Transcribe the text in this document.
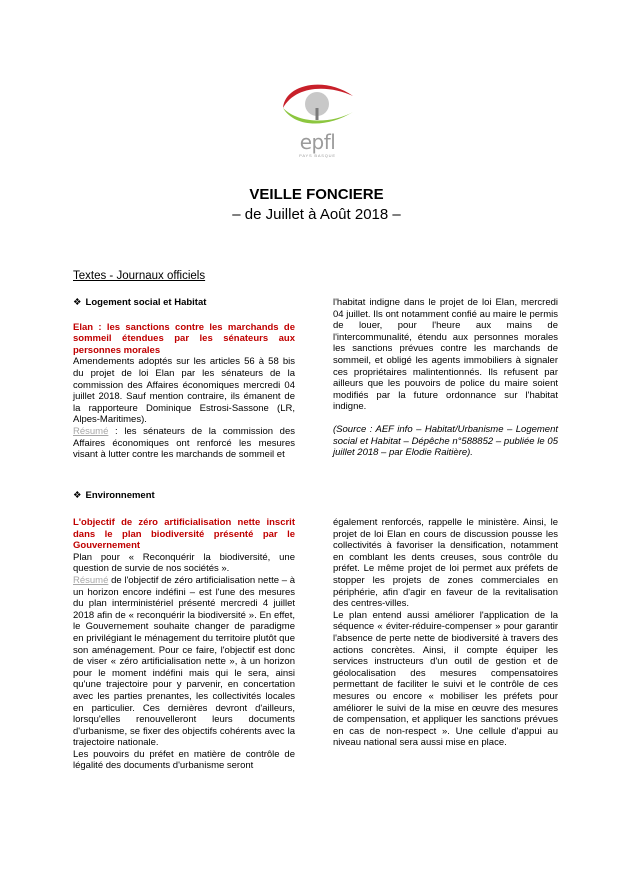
epfl
PAYS BASQUE
VEILLE FONCIERE
– de Juillet à Août 2018 –
Textes - Journaux officiels

❖ Logement social et Habitat

Elan : les sanctions contre les marchands de sommeil étendues par les sénateurs aux personnes morales

Amendements adoptés sur les articles 56 à 58 bis du projet de loi Elan par les sénateurs de la commission des Affaires économiques mercredi 04 juillet 2018. Sauf mention contraire, ils émanent de la rapporteure Dominique Estrosi-Sassone (LR, Alpes-Maritimes).

Résumé : les sénateurs de la commission des Affaires économiques ont renforcé les mesures visant à lutter contre les marchands de sommeil et

l'habitat indigne dans le projet de loi Elan, mercredi 04 juillet. Ils ont notamment confié au maire le permis de louer, pour l'heure aux mains de l'intercommunalité, étendu aux personnes morales les sanctions prévues contre les marchands de sommeil, et obligé les agents immobiliers à signaler ces propriétaires malintentionnés. Ils refusent par ailleurs que les pouvoirs de police du maire soient modifiés par la future ordonnance sur l'habitat indigne.

(Source : AEF info – Habitat/Urbanisme – Logement social et Habitat – Dépêche n°588852 – publiée le 05 juillet 2018 – par Elodie Raitière).

❖ Environnement

L'objectif de zéro artificialisation nette inscrit dans le plan biodiversité présenté par le Gouvernement

Plan pour « Reconquérir la biodiversité, une question de survie de nos sociétés ».

Résumé de l'objectif de zéro artificialisation nette – à un horizon encore indéfini – est l'une des mesures du plan interministériel présenté mercredi 4 juillet 2018 afin de « reconquérir la biodiversité ». En effet, le Gouvernement souhaite changer de paradigme en privilégiant le ménagement du territoire plutôt que son aménagement. Pour ce faire, l'objectif est donc de viser « zéro artificialisation nette », à un horizon pour le moment indéfini mais qui le sera, ainsi qu'une trajectoire pour y parvenir, en concertation avec les parties prenantes, les collectivités locales en particulier. Ces dernières devront d'ailleurs, lorsqu'elles renouvelleront leurs documents d'urbanisme, se fixer des objectifs cohérents avec la trajectoire nationale.

Les pouvoirs du préfet en matière de contrôle de légalité des documents d'urbanisme seront

également renforcés, rappelle le ministère. Ainsi, le projet de loi Elan en cours de discussion pousse les collectivités à favoriser la densification, notamment en comblant les dents creuses, sous contrôle du préfet. Le même projet de loi permet aux préfets de stopper les projets de zones commerciales en périphérie, afin d'agir en faveur de la revitalisation des centres-villes.

Le plan entend aussi améliorer l'application de la séquence « éviter-réduire-compenser » pour garantir l'absence de perte nette de biodiversité à travers des actions concrètes. Ainsi, il compte équiper les services instructeurs d'un outil de gestion et de géolocalisation des mesures compensatoires permettant de faciliter le suivi et le contrôle de ces mesures ou encore « mobiliser les préfets pour améliorer le suivi de la mise en œuvre des mesures de compensation, et appliquer les sanctions prévues en cas de non-respect ». Une cellule d'appui au niveau national sera aussi mise en place.
